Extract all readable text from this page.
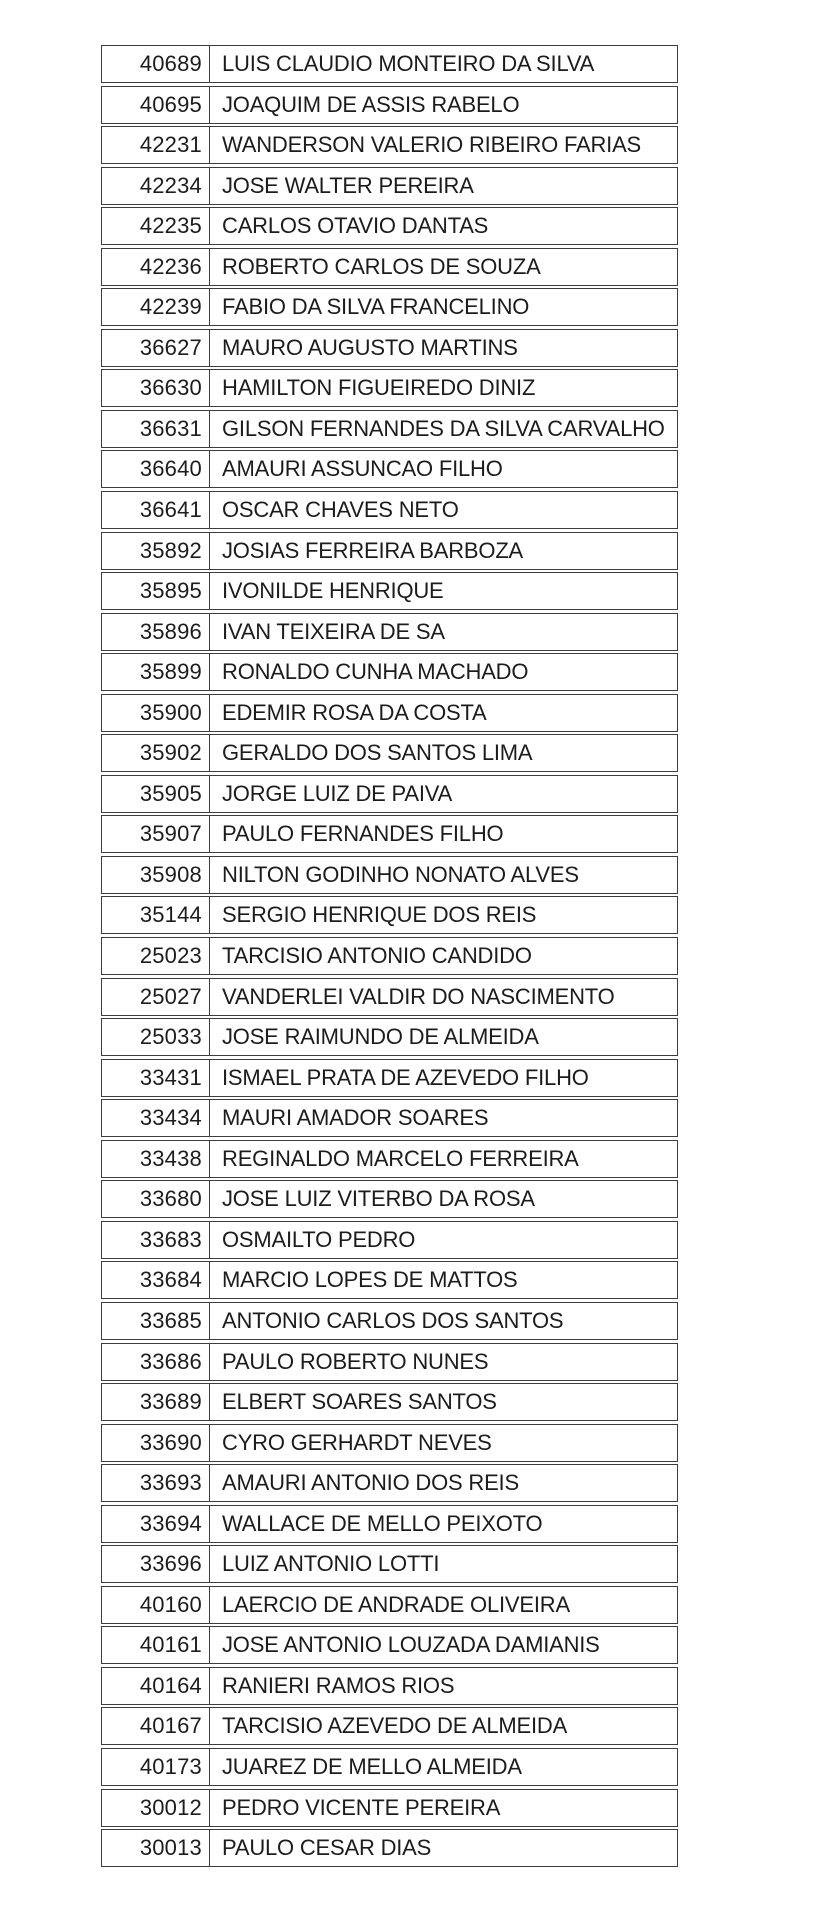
40689 LUIS CLAUDIO MONTEIRO DA SILVA
40695 JOAQUIM DE ASSIS RABELO
42231 WANDERSON VALERIO RIBEIRO FARIAS
42234 JOSE WALTER PEREIRA
42235 CARLOS OTAVIO DANTAS
42236 ROBERTO CARLOS DE SOUZA
42239 FABIO DA SILVA FRANCELINO
36627 MAURO AUGUSTO MARTINS
36630 HAMILTON FIGUEIREDO DINIZ
36631 GILSON FERNANDES DA SILVA CARVALHO
36640 AMAURI ASSUNCAO FILHO
36641 OSCAR CHAVES NETO
35892 JOSIAS FERREIRA BARBOZA
35895 IVONILDE HENRIQUE
35896 IVAN TEIXEIRA DE SA
35899 RONALDO CUNHA MACHADO
35900 EDEMIR ROSA DA COSTA
35902 GERALDO DOS SANTOS LIMA
35905 JORGE LUIZ DE PAIVA
35907 PAULO FERNANDES FILHO
35908 NILTON GODINHO NONATO ALVES
35144 SERGIO HENRIQUE DOS REIS
25023 TARCISIO ANTONIO CANDIDO
25027 VANDERLEI VALDIR DO NASCIMENTO
25033 JOSE RAIMUNDO DE ALMEIDA
33431 ISMAEL PRATA DE AZEVEDO FILHO
33434 MAURI AMADOR SOARES
33438 REGINALDO MARCELO FERREIRA
33680 JOSE LUIZ VITERBO DA ROSA
33683 OSMAILTO PEDRO
33684 MARCIO LOPES DE MATTOS
33685 ANTONIO CARLOS DOS SANTOS
33686 PAULO ROBERTO NUNES
33689 ELBERT SOARES SANTOS
33690 CYRO GERHARDT NEVES
33693 AMAURI ANTONIO DOS REIS
33694 WALLACE DE MELLO PEIXOTO
33696 LUIZ ANTONIO LOTTI
40160 LAERCIO DE ANDRADE OLIVEIRA
40161 JOSE ANTONIO LOUZADA DAMIANIS
40164 RANIERI RAMOS RIOS
40167 TARCISIO AZEVEDO DE ALMEIDA
40173 JUAREZ DE MELLO ALMEIDA
30012 PEDRO VICENTE PEREIRA
30013 PAULO CESAR DIAS
